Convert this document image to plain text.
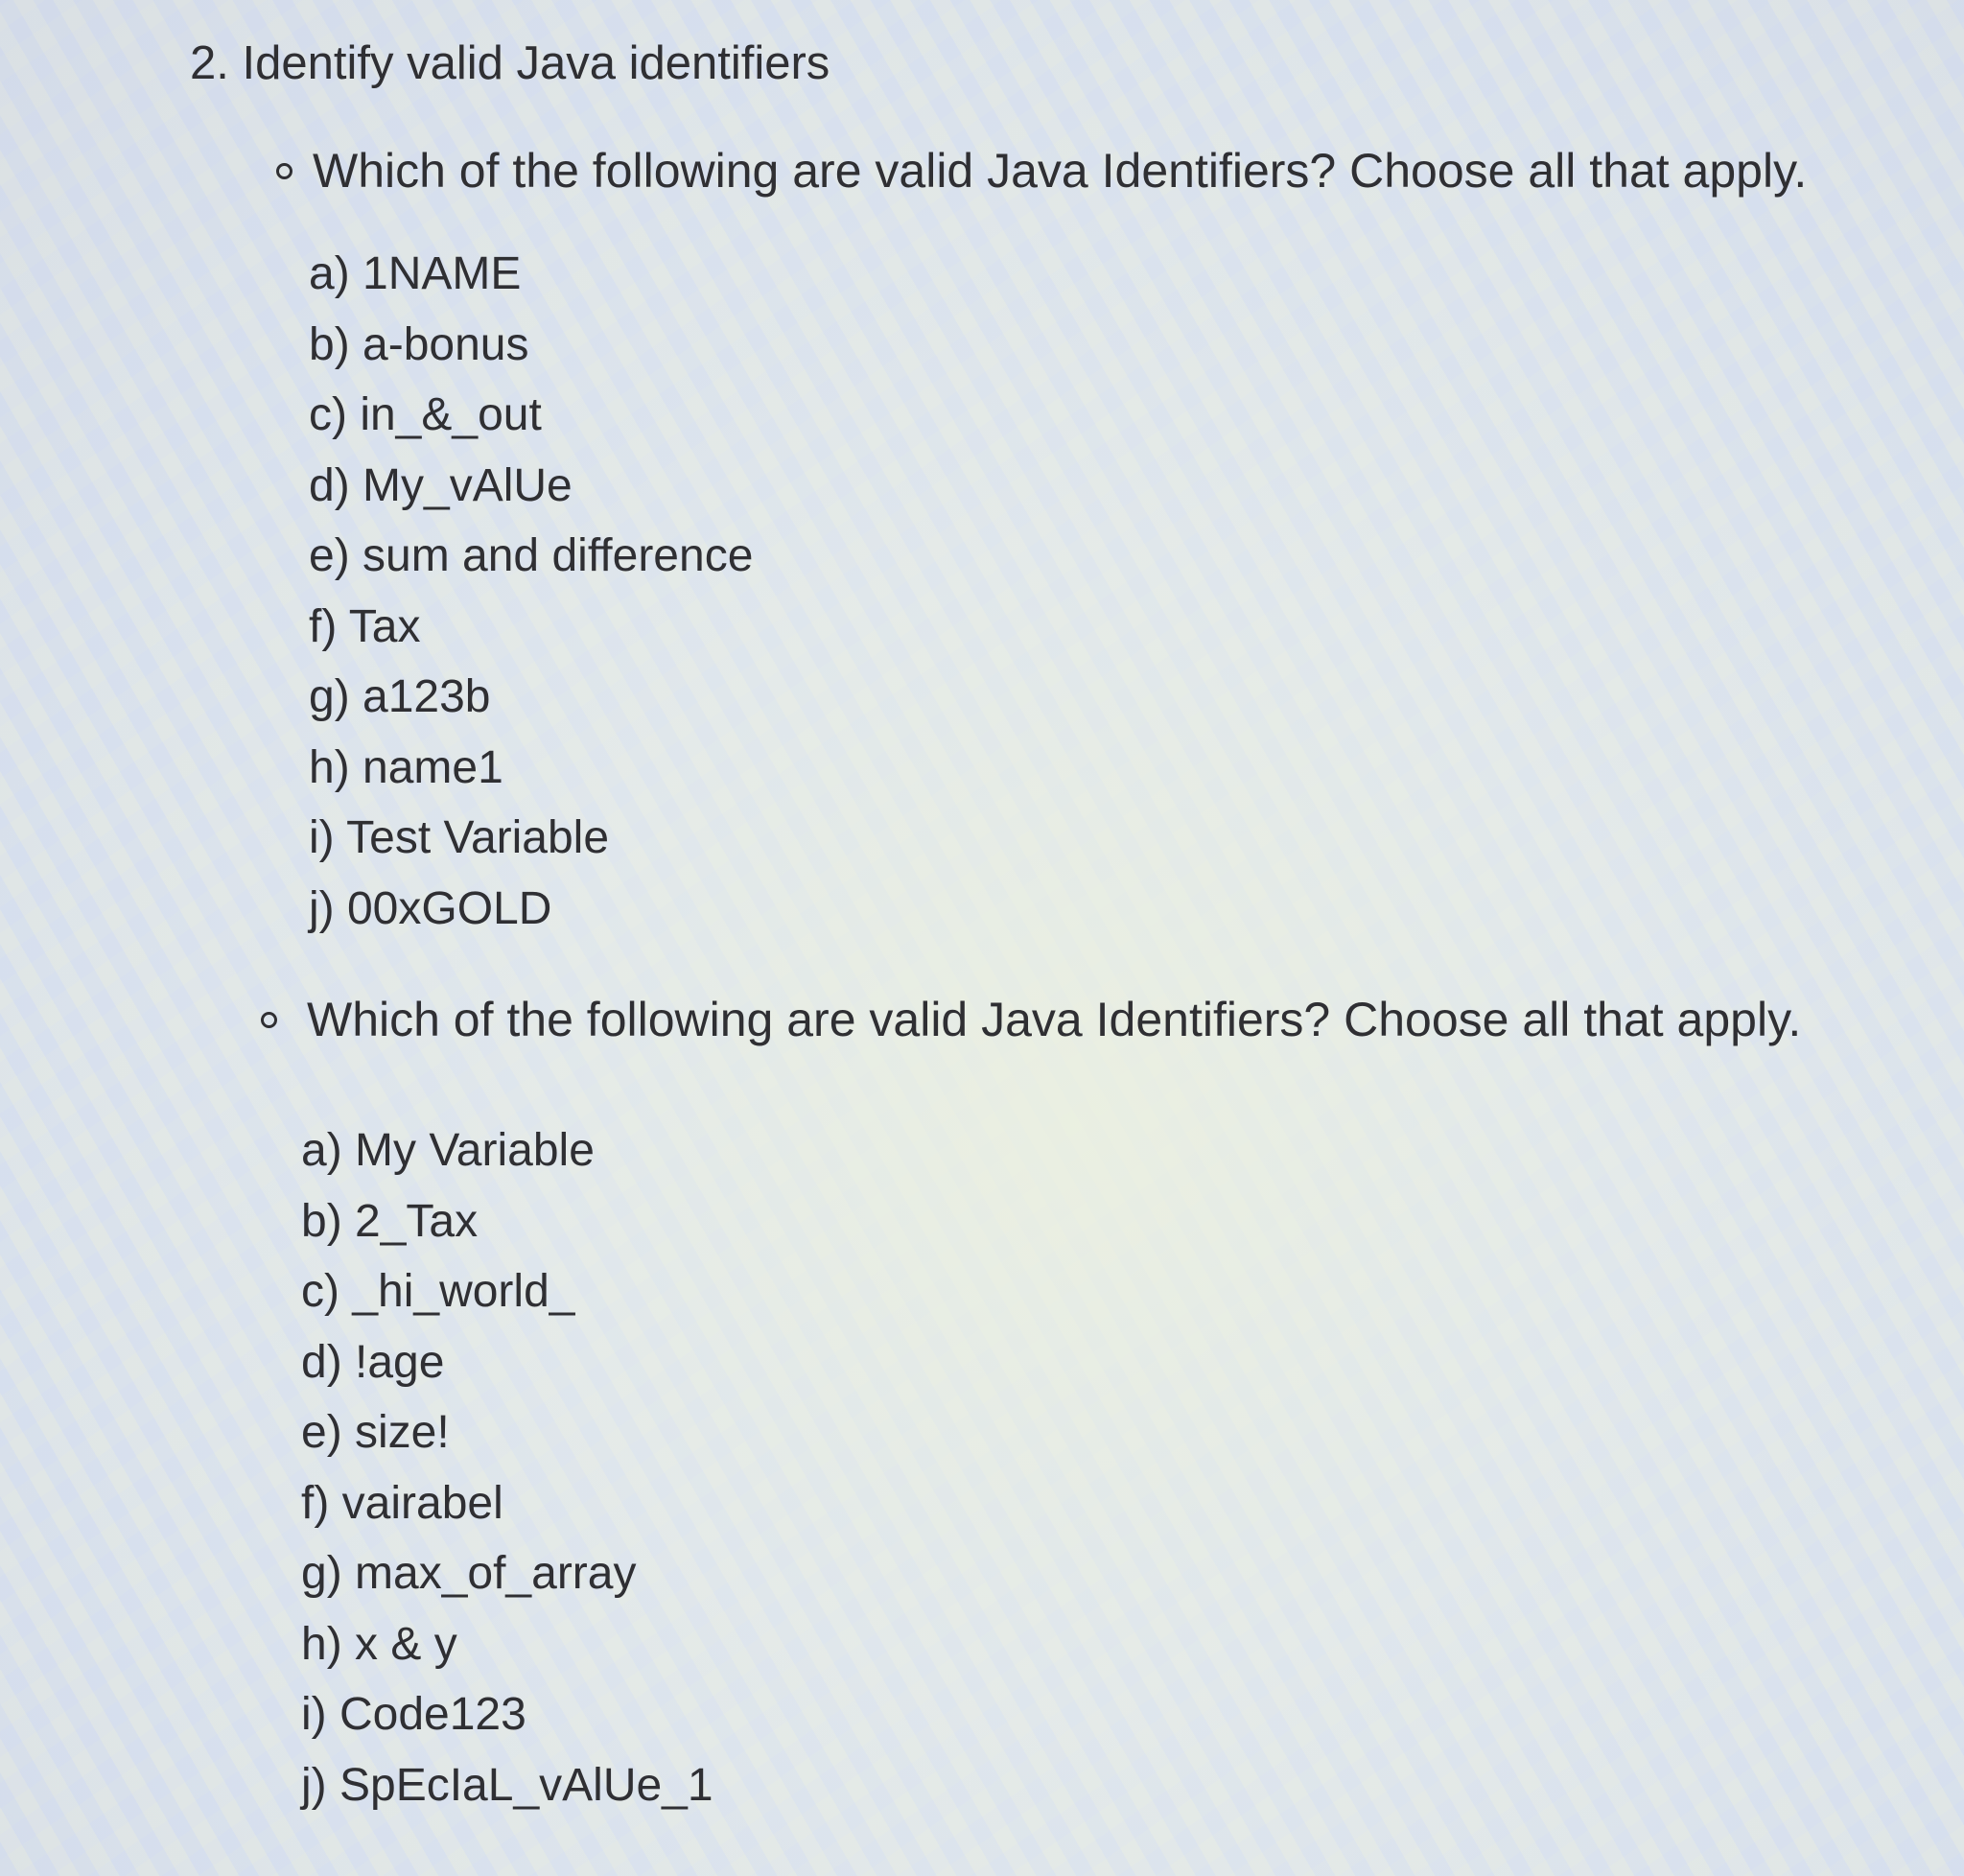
2. Identify valid Java identifiers
Which of the following are valid Java Identifiers? Choose all that apply.
a) 1NAME
b) a-bonus
c) in_&_out
d) My_vAlUe
e) sum and difference
f) Tax
g) a123b
h) name1
i) Test Variable
j) 00xGOLD
Which of the following are valid Java Identifiers? Choose all that apply.
a) My Variable
b) 2_Tax
c) _hi_world_
d) !age
e) size!
f) vairabel
g) max_of_array
h) x & y
i) Code123
j) SpEcIaL_vAlUe_1
